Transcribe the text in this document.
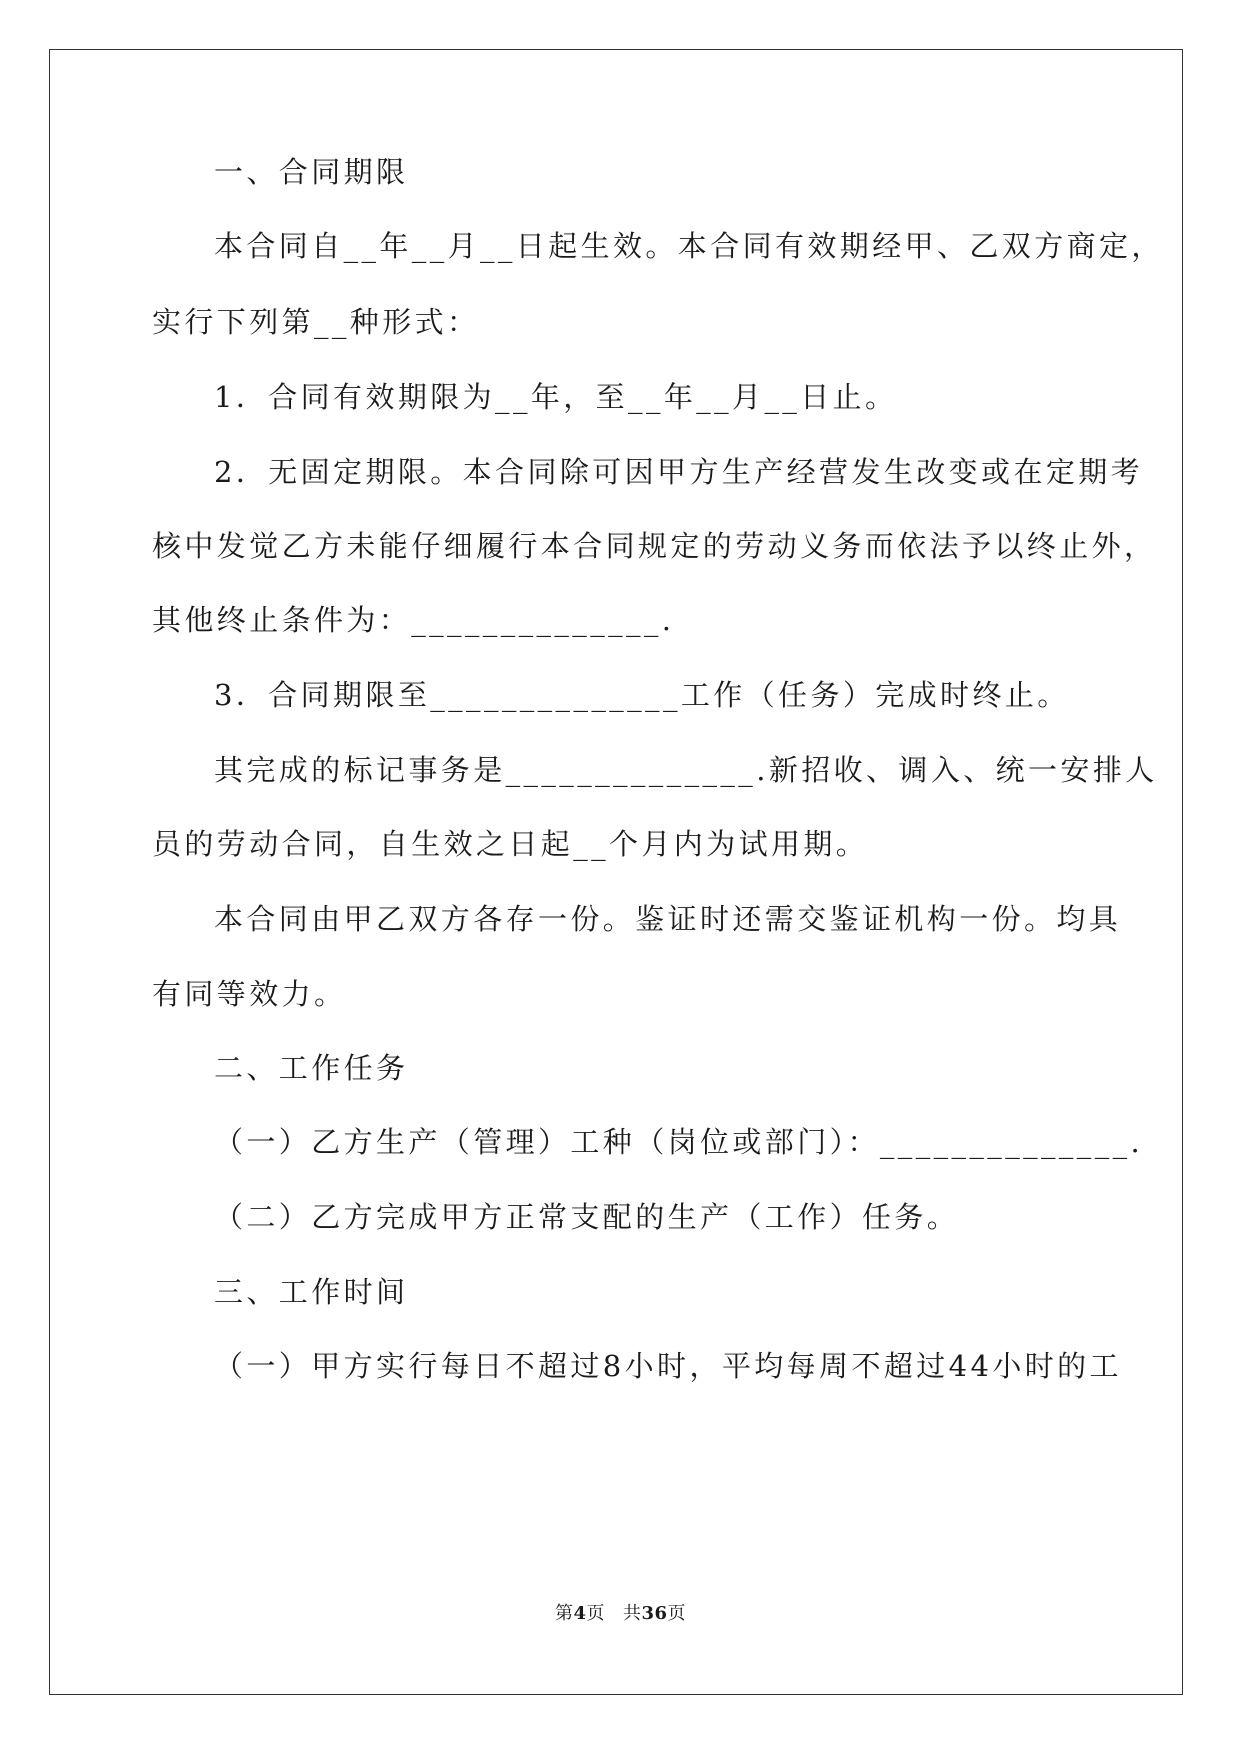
一、合同期限
本合同自__年__月__日起生效。本合同有效期经甲、乙双方商定，
实行下列第__种形式：
1．合同有效期限为__年，至__年__月__日止。
2．无固定期限。本合同除可因甲方生产经营发生改变或在定期考
核中发觉乙方未能仔细履行本合同规定的劳动义务而依法予以终止外，
其他终止条件为：______________.
3．合同期限至______________工作（任务）完成时终止。
其完成的标记事务是______________.新招收、调入、统一安排人
员的劳动合同，自生效之日起__个月内为试用期。
本合同由甲乙双方各存一份。鉴证时还需交鉴证机构一份。均具
有同等效力。
二、工作任务
（一）乙方生产（管理）工种（岗位或部门）：______________.
（二）乙方完成甲方正常支配的生产（工作）任务。
三、工作时间
（一）甲方实行每日不超过8小时，平均每周不超过44小时的工
第4页 共36页
